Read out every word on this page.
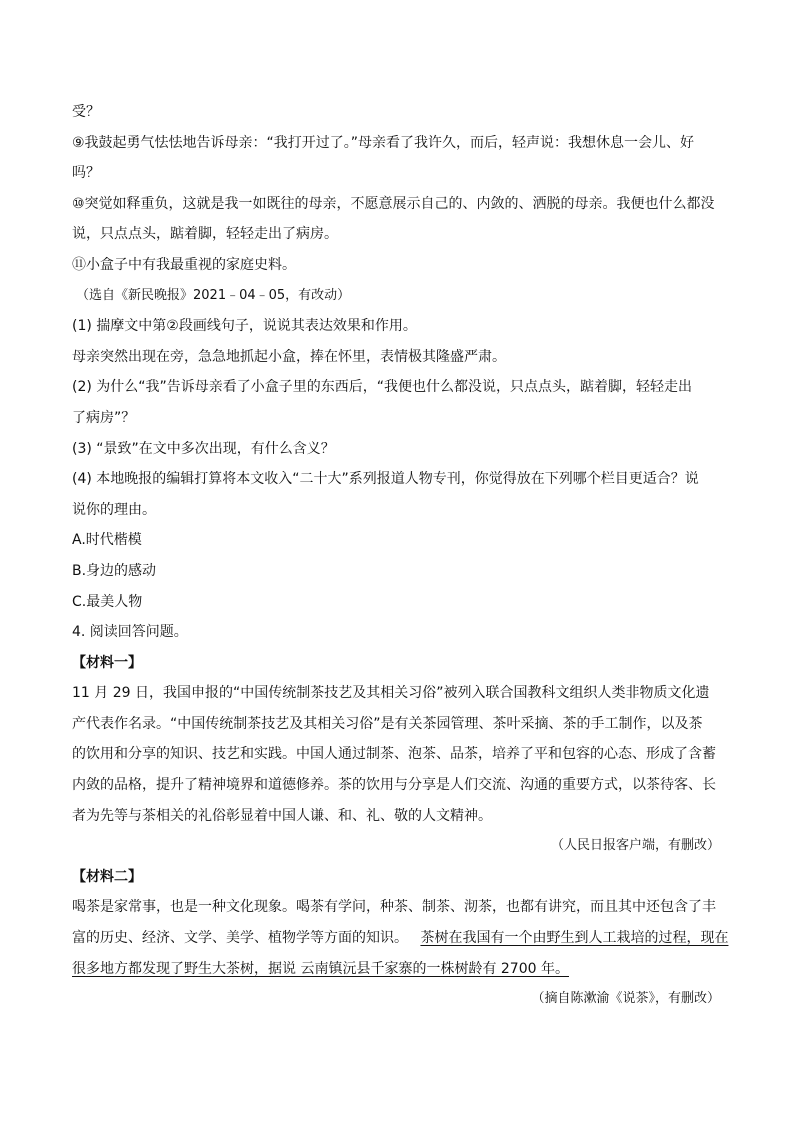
受？
⑨我鼓起勇气怯怯地告诉母亲：“我打开过了。”母亲看了我许久，而后，轻声说：我想休息一会儿、好
吗？
⑩突觉如释重负，这就是我一如既往的母亲，不愿意展示自己的、内敛的、洒脱的母亲。我便也什么都没
说，只点点头，踮着脚，轻轻走出了病房。
⑪小盒子中有我最重视的家庭史料。
（选自《新民晚报》2021﹣04﹣05，有改动）
(1) 揣摩文中第②段画线句子，说说其表达效果和作用。
母亲突然出现在旁，急急地抓起小盒，捧在怀里，表情极其隆盛严肃。
(2) 为什么“我”告诉母亲看了小盒子里的东西后，“我便也什么都没说，只点点头，踮着脚，轻轻走出
了病房”？
(3) “景致”在文中多次出现，有什么含义？
(4) 本地晚报的编辑打算将本文收入“二十大”系列报道人物专刊，你觉得放在下列哪个栏目更适合？说
说你的理由。
A.时代楷模
B.身边的感动
C.最美人物
4. 阅读回答问题。
【材料一】
11 月 29 日，我国申报的“中国传统制茶技艺及其相关习俗”被列入联合国教科文组织人类非物质文化遗
产代表作名录。“中国传统制茶技艺及其相关习俗”是有关茶园管理、茶叶采摘、茶的手工制作，以及茶
的饮用和分享的知识、技艺和实践。中国人通过制茶、泡茶、品茶，培养了平和包容的心态、形成了含蓄
内敛的品格，提升了精神境界和道德修养。茶的饮用与分享是人们交流、沟通的重要方式，以茶待客、长
者为先等与茶相关的礼俗彰显着中国人谦、和、礼、敬的人文精神。
（人民日报客户端，有删改）
【材料二】
喝茶是家常事，也是一种文化现象。喝茶有学问，种茶、制茶、沏茶，也都有讲究，而且其中还包含了丰
富的历史、经济、文学、美学、植物学等方面的知识。 茶树在我国有一个由野生到人工栽培的过程，现在
很多地方都发现了野生大茶树，据说 云南镇沅县千家寨的一株树龄有 2700 年。
（摘自陈漱渝《说茶》，有删改）
